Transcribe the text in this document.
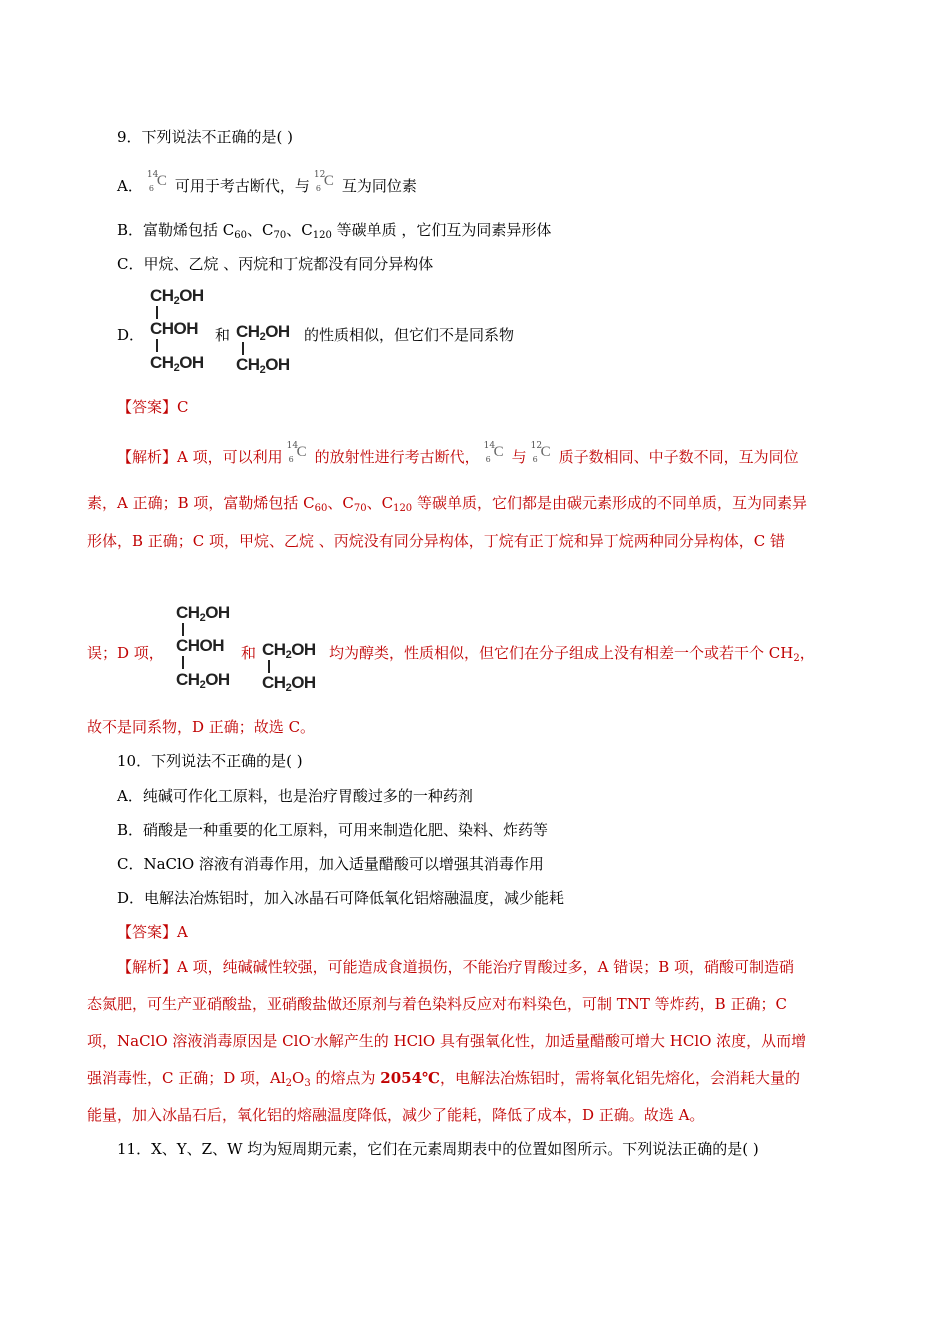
9．下列说法不正确的是( )
A．
14
6 C 可用于考古断代，与
12
6 C 互为同位素
B．富勒烯包括 $C_{60}$、$C_{70}$、$C_{120}$ 等碳单质 ，它们互为同素异形体
C．甲烷、乙烷 、丙烷和丁烷都没有同分异构体
D．
$CH_2OH$
CHOH
$CH_2OH$
和 $CH_2OH$
$CH_2OH$
的性质相似，但它们不是同系物
【答案】C
【解析】A 项，可以利用
14
6 C 的放射性进行考古断代，
14
6 C 与
12
6 C 质子数相同、中子数不同，互为同位
素，A 正确；B 项，富勒烯包括 $C_{60}$、$C_{70}$、$C_{120}$ 等碳单质，它们都是由碳元素形成的不同单质，互为同素异
形体，B 正确；C 项，甲烷、乙烷 、丙烷没有同分异构体，丁烷有正丁烷和异丁烷两种同分异构体，C 错
误；D 项，
$CH_2OH$
CHOH
$CH_2OH$
和 $CH_2OH$
$CH_2OH$
均为醇类，性质相似，但它们在分子组成上没有相差一个或若干个 $CH_2$，
故不是同系物，D 正确；故选 C。
10．下列说法不正确的是( )
A．纯碱可作化工原料，也是治疗胃酸过多的一种药剂
B．硝酸是一种重要的化工原料，可用来制造化肥、染料、炸药等
C．NaClO 溶液有消毒作用，加入适量醋酸可以增强其消毒作用
D．电解法冶炼铝时，加入冰晶石可降低氧化铝熔融温度，减少能耗
【答案】A
【解析】A 项，纯碱碱性较强，可能造成食道损伤，不能治疗胃酸过多，A 错误；B 项，硝酸可制造硝
态氮肥，可生产亚硝酸盐，亚硝酸盐做还原剂与着色染料反应对布料染色，可制 TNT 等炸药，B 正确；C
项，NaClO 溶液消毒原因是 ClO-水解产生的 HClO 具有强氧化性，加适量醋酸可增大 HClO 浓度，从而增
强消毒性，C 正确；D 项，$Al_2O_3$ 的熔点为 2054℃，电解法冶炼铝时，需将氧化铝先熔化，会消耗大量的
能量，加入冰晶石后，氧化铝的熔融温度降低，减少了能耗，降低了成本，D 正确。故选 A。
11．X、Y、Z、W 均为短周期元素，它们在元素周期表中的位置如图所示。下列说法正确的是( )
